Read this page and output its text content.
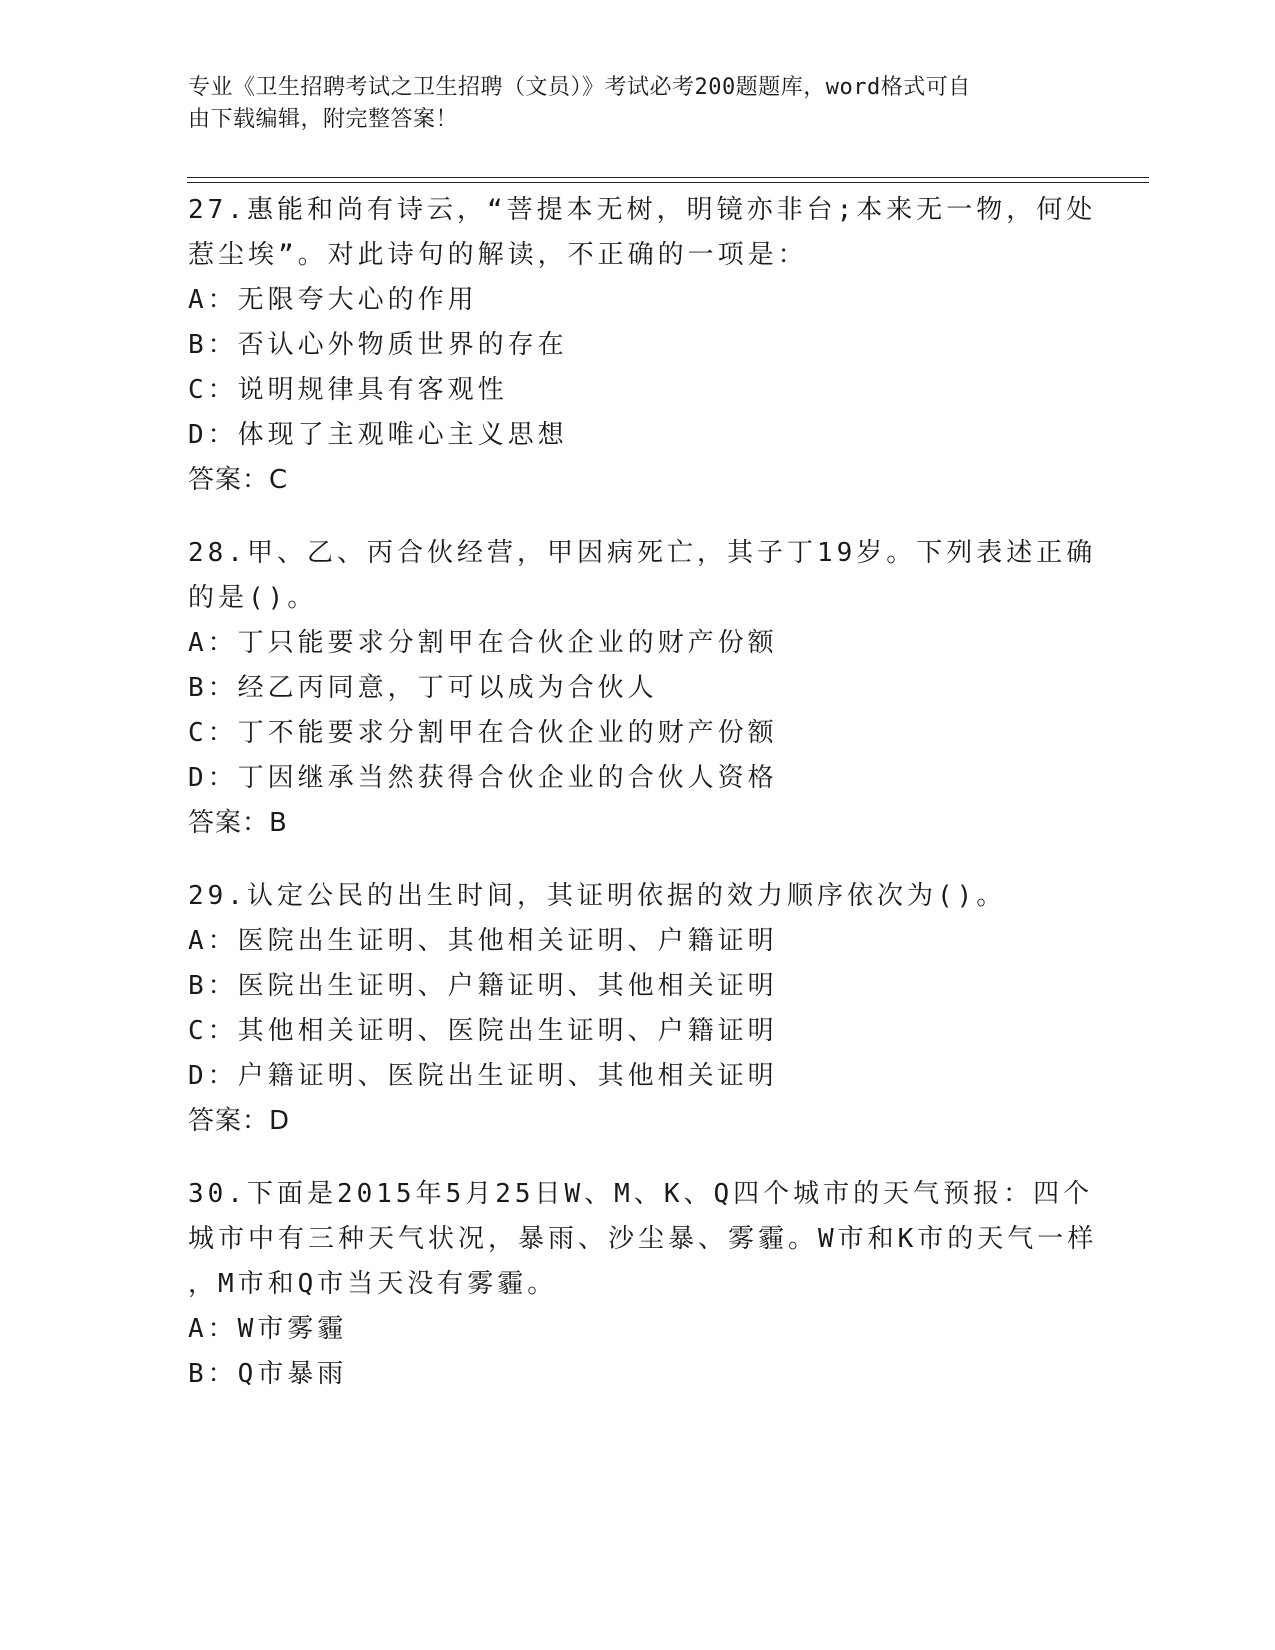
专业《卫生招聘考试之卫生招聘（文员）》考试必考200题题库，word格式可自
由下载编辑，附完整答案！
27.惠能和尚有诗云，“菩提本无树，明镜亦非台;本来无一物，何处
惹尘埃”。对此诗句的解读，不正确的一项是：
A：无限夸大心的作用
B：否认心外物质世界的存在
C：说明规律具有客观性
D：体现了主观唯心主义思想
答案：C
28.甲、乙、丙合伙经营，甲因病死亡，其子丁19岁。下列表述正确
的是()。
A：丁只能要求分割甲在合伙企业的财产份额
B：经乙丙同意，丁可以成为合伙人
C：丁不能要求分割甲在合伙企业的财产份额
D：丁因继承当然获得合伙企业的合伙人资格
答案：B
29.认定公民的出生时间，其证明依据的效力顺序依次为()。
A：医院出生证明、其他相关证明、户籍证明
B：医院出生证明、户籍证明、其他相关证明
C：其他相关证明、医院出生证明、户籍证明
D：户籍证明、医院出生证明、其他相关证明
答案：D
30.下面是2015年5月25日W、M、K、Q四个城市的天气预报：四个
城市中有三种天气状况，暴雨、沙尘暴、雾霾。W市和K市的天气一样
，M市和Q市当天没有雾霾。
A：W市雾霾
B：Q市暴雨
